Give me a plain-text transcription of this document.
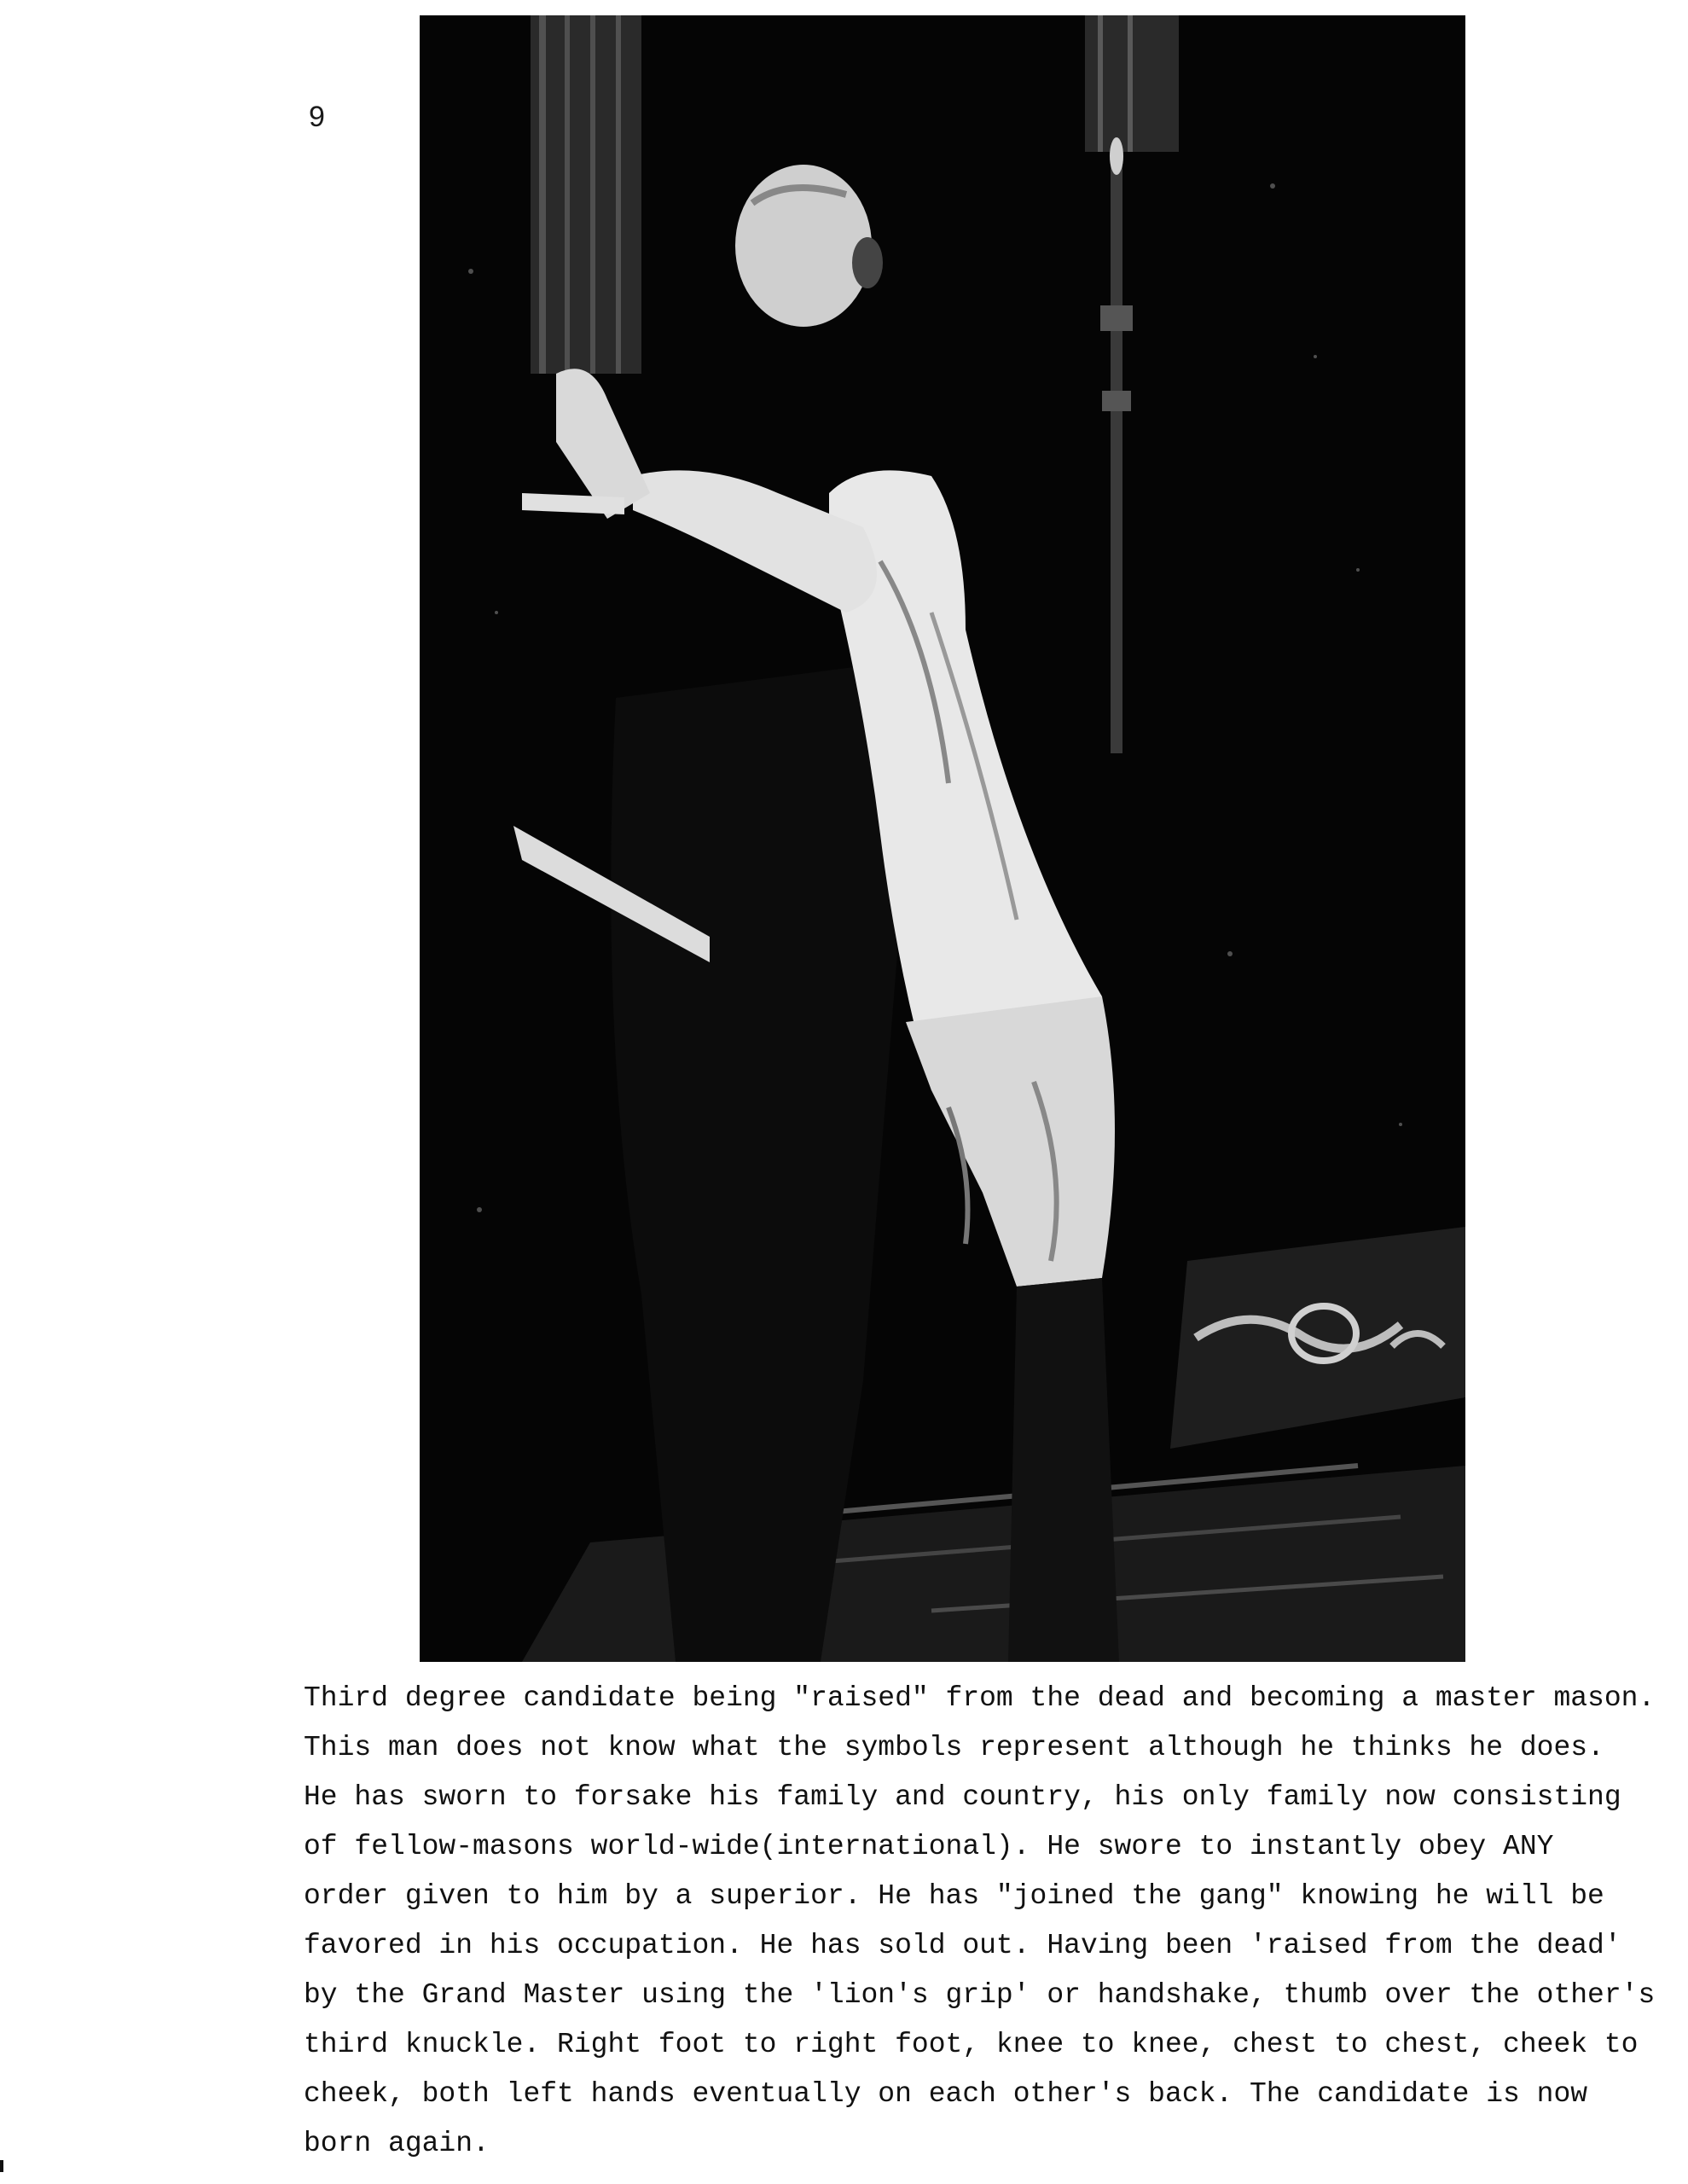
9
Third degree candidate being "raised" from the dead and becoming a master mason.
This man does not know what the symbols represent although he thinks he does.
He has sworn to forsake his family and country, his only family now consisting
of fellow-masons world-wide(international). He swore to instantly obey ANY
order given to him by a superior. He has "joined the gang" knowing he will be
favored in his occupation. He has sold out. Having been 'raised from the dead'
by the Grand Master using the 'lion's grip' or handshake, thumb over the other's
third knuckle. Right foot to right foot, knee to knee, chest to chest, cheek to
cheek, both left hands eventually on each other's back. The candidate is now
born again.
